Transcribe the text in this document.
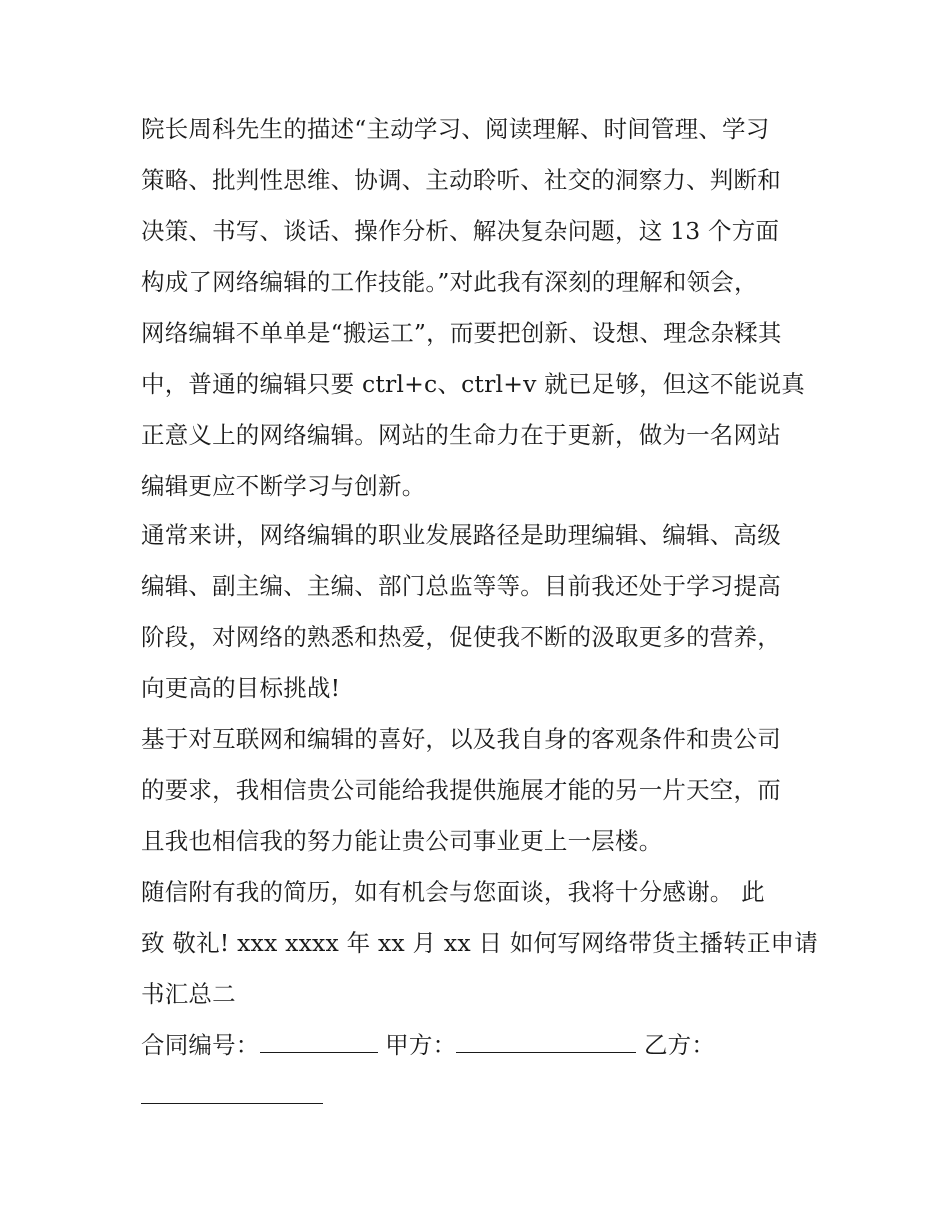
院长周科先生的描述“主动学习、阅读理解、时间管理、学习
策略、批判性思维、协调、主动聆听、社交的洞察力、判断和
决策、书写、谈话、操作分析、解决复杂问题，这 13 个方面
构成了网络编辑的工作技能。”对此我有深刻的理解和领会，
网络编辑不单单是“搬运工”，而要把创新、设想、理念杂糅其
中，普通的编辑只要 ctrl+c、ctrl+v 就已足够，但这不能说真
正意义上的网络编辑。网站的生命力在于更新，做为一名网站
编辑更应不断学习与创新。
通常来讲，网络编辑的职业发展路径是助理编辑、编辑、高级
编辑、副主编、主编、部门总监等等。目前我还处于学习提高
阶段，对网络的熟悉和热爱，促使我不断的汲取更多的营养，
向更高的目标挑战!
基于对互联网和编辑的喜好，以及我自身的客观条件和贵公司
的要求，我相信贵公司能给我提供施展才能的另一片天空，而
且我也相信我的努力能让贵公司事业更上一层楼。
随信附有我的简历，如有机会与您面谈，我将十分感谢。 此
致 敬礼! xxx xxxx 年 xx 月 xx 日 如何写网络带货主播转正申请
书汇总二
合同编号：	甲方：	乙方：
